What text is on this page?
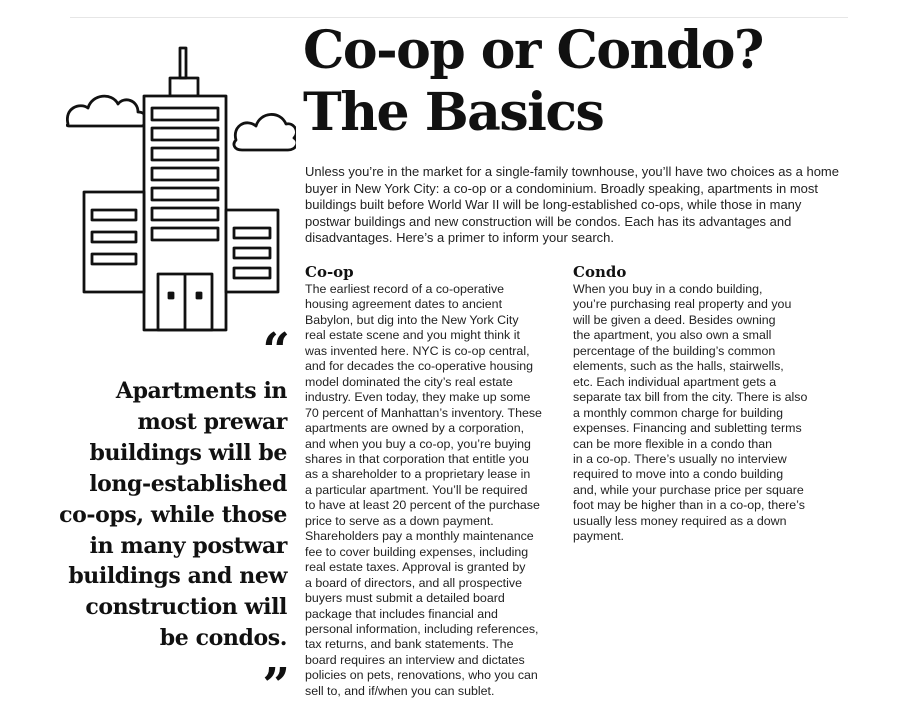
Co-op or Condo?
The Basics

Unless you’re in the market for a single-family townhouse, you’ll have two choices as a home buyer in New York City: a co-op or a condominium. Broadly speaking, apartments in most buildings built before World War II will be long-established co-ops, while those in many postwar buildings and new construction will be condos. Each has its advantages and disadvantages. Here’s a primer to inform your search.

Co-op

The earliest record of a co-operative
housing agreement dates to ancient
Babylon, but dig into the New York City
real estate scene and you might think it
was invented here. NYC is co-op central,
and for decades the co-operative housing
model dominated the city’s real estate
industry. Even today, they make up some
70 percent of Manhattan’s inventory. These
apartments are owned by a corporation,
and when you buy a co-op, you’re buying
shares in that corporation that entitle you
as a shareholder to a proprietary lease in
a particular apartment. You’ll be required
to have at least 20 percent of the purchase
price to serve as a down payment.
Shareholders pay a monthly maintenance
fee to cover building expenses, including
real estate taxes. Approval is granted by
a board of directors, and all prospective
buyers must submit a detailed board
package that includes financial and
personal information, including references,
tax returns, and bank statements. The
board requires an interview and dictates
policies on pets, renovations, who you can
sell to, and if/when you can sublet.

Condo

When you buy in a condo building,
you’re purchasing real property and you
will be given a deed. Besides owning
the apartment, you also own a small
percentage of the building’s common
elements, such as the halls, stairwells,
etc. Each individual apartment gets a
separate tax bill from the city. There is also
a monthly common charge for building
expenses. Financing and subletting terms
can be more flexible in a condo than
in a co-op. There’s usually no interview
required to move into a condo building
and, while your purchase price per square
foot may be higher than in a co-op, there’s
usually less money required as a down
payment.

“

Apartments in
most prewar
buildings will be
long-established
co-ops, while those
in many postwar
buildings and new
construction will
be condos.

”
